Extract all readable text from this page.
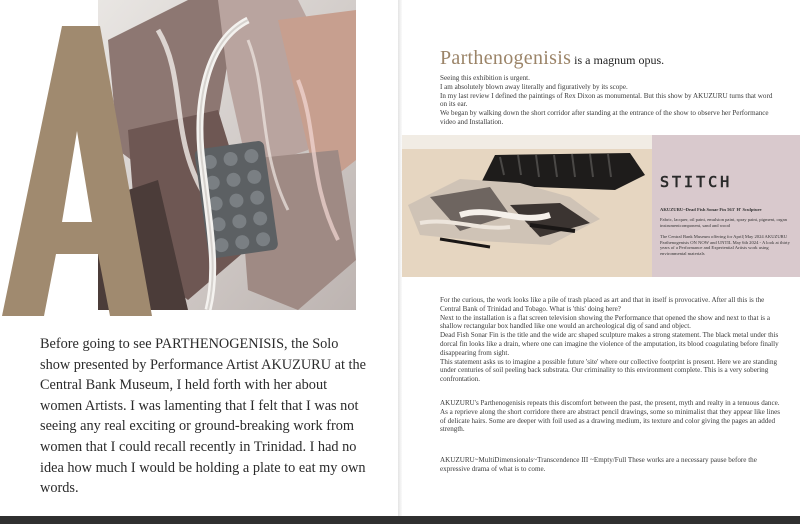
Before going to see PARTHENOGENISIS, the Solo show presented by Performance Artist AKUZURU at the Central Bank Museum, I held forth with her about women Artists. I was lamenting that I felt that I was not seeing any real exciting or ground-breaking work from women that I could recall recently in Trinidad. I had no idea how much I would be holding a plate to eat my own words.
Parthenogenisis is a magnum opus.

Seeing this exhibition is urgent.

I am absolutely blown away literally and figuratively by its scope.

In my last review I defined the paintings of Rex Dixon as monumental. But this show by AKUZURU turns that word on its ear.

We began by walking down the short corridor after standing at the entrance of the show to observe her Performance video and Installation.

STITCH
AKUZURU~Dead Fish Sonar Fin 563' H' Sculpture
Fabric, lacquer, oil paint, emulsion paint, spray paint, pigment, organ instrumentcomponent, sand and wood
The Central Bank Museum offering for April| May 2024 AKUZURU Parthenogenisis ON NOW and UNTIL May 6th 2024 - A look at thirty years of a Performance and Experiential Artists work using environmental materials

For the curious, the work looks like a pile of trash placed as art and that in itself is provocative. After all this is the Central Bank of Trinidad and Tobago. What is 'this' doing here?

Next to the installation is a flat screen television showing the Performance that opened the show and next to that is a shallow rectangular box handled like one would an archeological dig of sand and object.

Dead Fish Sonar Fin is the title and the wide arc shaped sculpture makes a strong statement. The black metal under this dorcal fin looks like a drain, where one can imagine the violence of the amputation, its blood coagulating before finally disappearing from sight.

This statement asks us to imagine a possible future 'site' where our collective footprint is present. Here we are standing under centuries of soil peeling back substrata. Our criminality to this environment complete. This is a very sobering confrontation.

AKUZURU's Parthenogenisis repeats this discomfort between the past, the present, myth and realty in a tenuous dance.

As a reprieve along the short corridore there are abstract pencil drawings, some so minimalist that they appear like lines of delicate hairs. Some are deeper with foil used as a drawing medium, its texture and color giving the pages an added strength.

AKUZURU~MultiDimensionals~Transcendence III ~Empty/Full These works are a necessary pause before the expressive drama of what is to come.
